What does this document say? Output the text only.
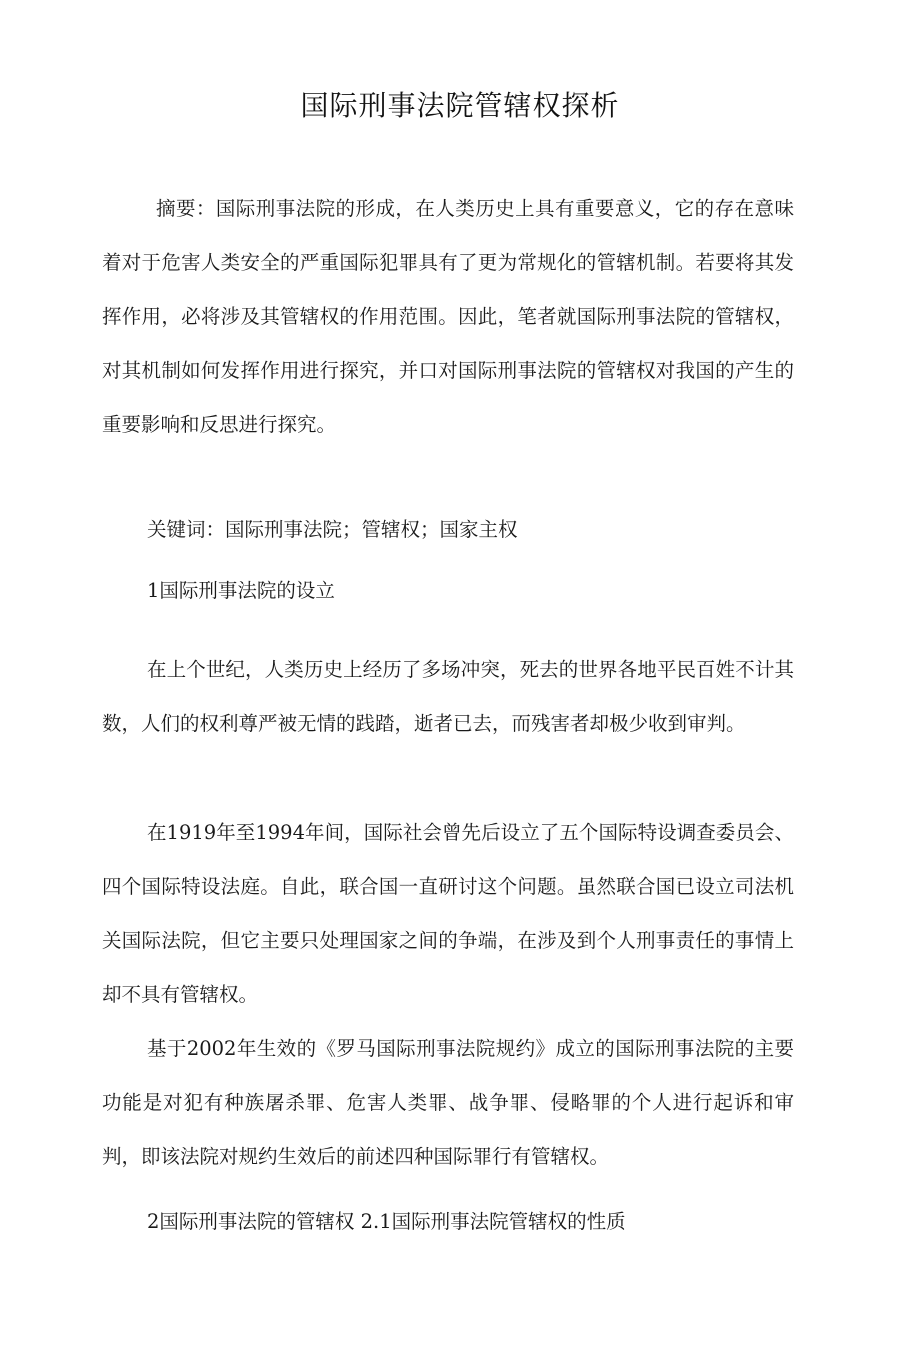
国际刑事法院管辖权探析
摘要：国际刑事法院的形成，在人类历史上具有重要意义，它的存在意味着对于危害人类安全的严重国际犯罪具有了更为常规化的管辖机制。若要将其发挥作用，必将涉及其管辖权的作用范围。因此，笔者就国际刑事法院的管辖权，对其机制如何发挥作用进行探究，并口对国际刑事法院的管辖权对我国的产生的重要影响和反思进行探究。
关键词：国际刑事法院；管辖权；国家主权
1国际刑事法院的设立
在上个世纪，人类历史上经历了多场冲突，死去的世界各地平民百姓不计其数，人们的权利尊严被无情的践踏，逝者已去，而残害者却极少收到审判。
在1919年至1994年间，国际社会曾先后设立了五个国际特设调查委员会、四个国际特设法庭。自此，联合国一直研讨这个问题。虽然联合国已设立司法机关国际法院，但它主要只处理国家之间的争端，在涉及到个人刑事责任的事情上却不具有管辖权。
基于2002年生效的《罗马国际刑事法院规约》成立的国际刑事法院的主要功能是对犯有种族屠杀罪、危害人类罪、战争罪、侵略罪的个人进行起诉和审判，即该法院对规约生效后的前述四种国际罪行有管辖权。
2国际刑事法院的管辖权 2.1国际刑事法院管辖权的性质
